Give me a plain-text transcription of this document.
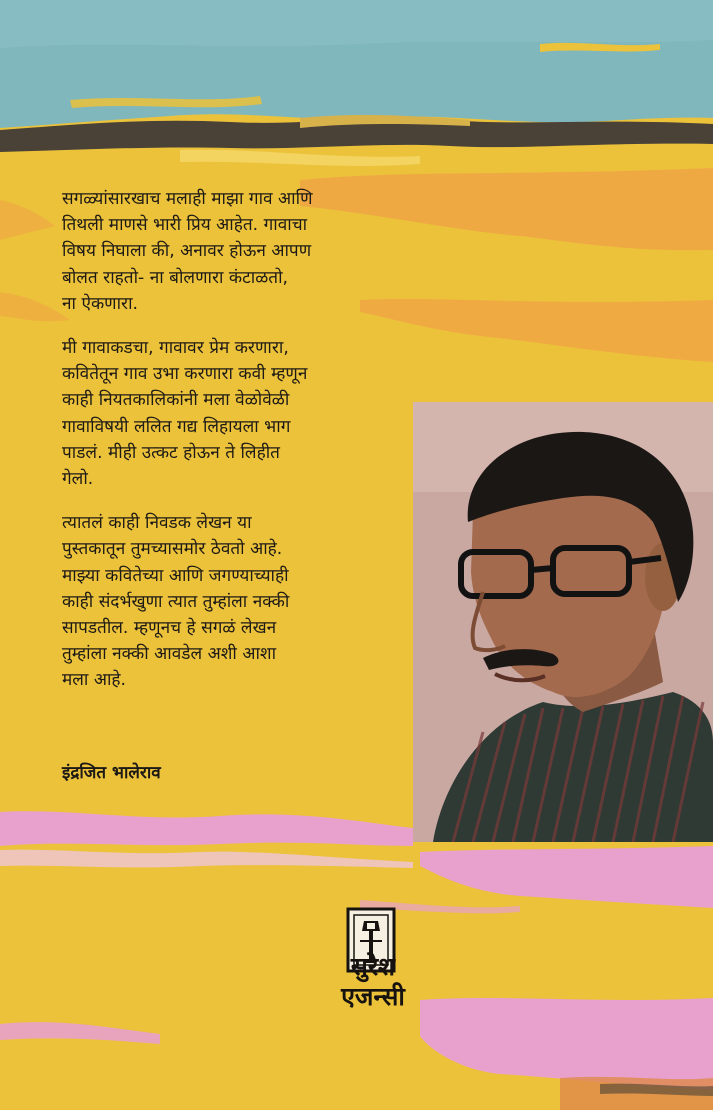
सगळ्यांसारखाच मलाही माझा गाव आणि
तिथली माणसे भारी प्रिय आहेत. गावाचा
विषय निघाला की, अनावर होऊन आपण
बोलत राहतो- ना बोलणारा कंटाळतो,
ना ऐकणारा.

मी गावाकडचा, गावावर प्रेम करणारा,
कवितेतून गाव उभा करणारा कवी म्हणून
काही नियतकालिकांनी मला वेळोवेळी
गावाविषयी ललित गद्य लिहायला भाग
पाडलं. मीही उत्कट होऊन ते लिहीत
गेलो.

त्यातलं काही निवडक लेखन या
पुस्तकातून तुमच्यासमोर ठेवतो आहे.
माझ्या कवितेच्या आणि जगण्याच्याही
काही संदर्भखुणा त्यात तुम्हांला नक्की
सापडतील. म्हणूनच हे सगळं लेखन
तुम्हांला नक्की आवडेल अशी आशा
मला आहे.

इंद्रजित भालेराव
सुरेश
एजन्सी
